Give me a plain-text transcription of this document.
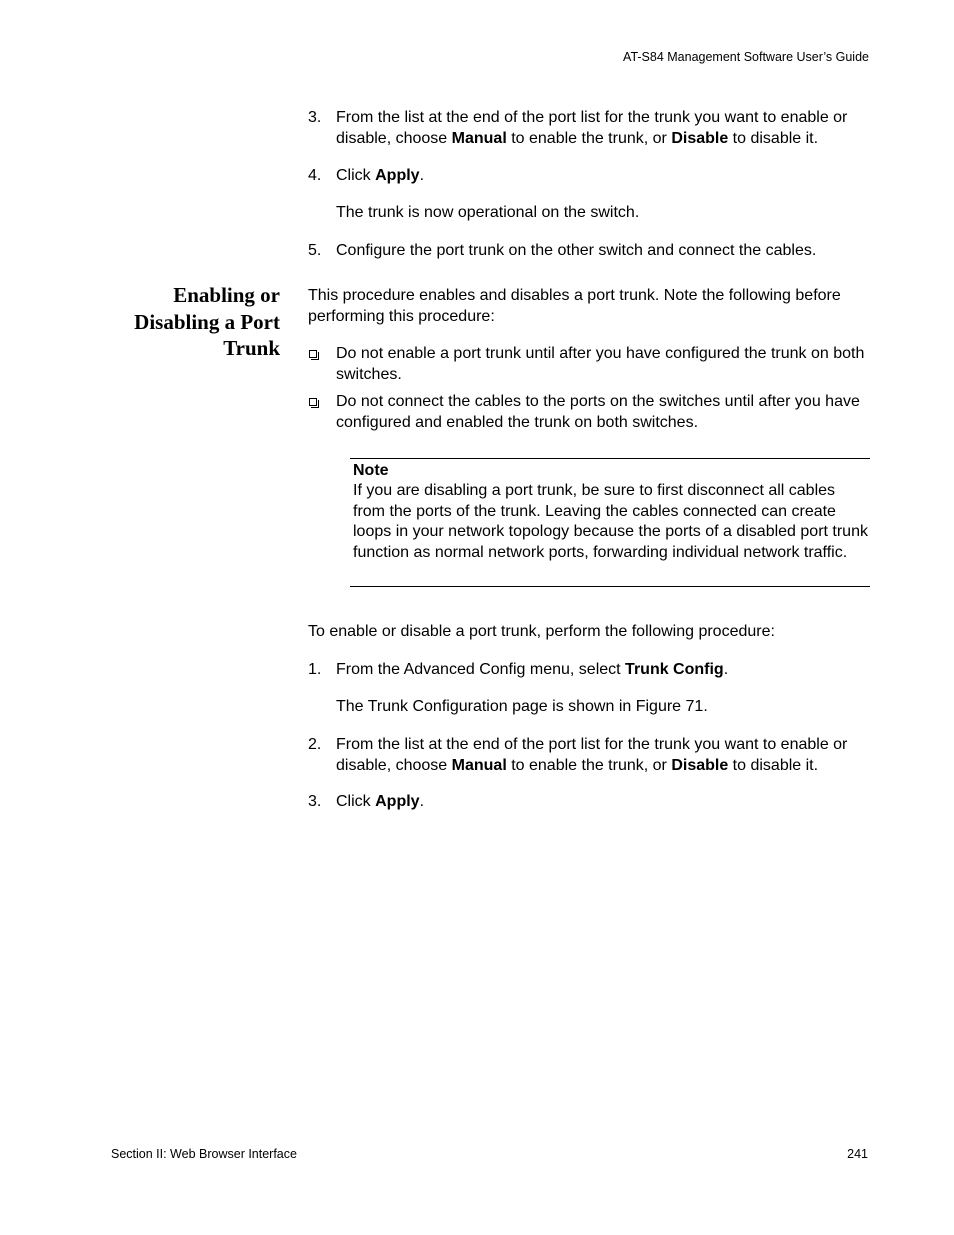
AT-S84 Management Software User’s Guide
3. From the list at the end of the port list for the trunk you want to enable or disable, choose Manual to enable the trunk, or Disable to disable it.

4. Click Apply.

The trunk is now operational on the switch.

5. Configure the port trunk on the other switch and connect the cables.

Enabling or
Disabling a Port
Trunk

This procedure enables and disables a port trunk. Note the following before performing this procedure:

Do not enable a port trunk until after you have configured the trunk on both switches.

Do not connect the cables to the ports on the switches until after you have configured and enabled the trunk on both switches.

Note

If you are disabling a port trunk, be sure to first disconnect all cables from the ports of the trunk. Leaving the cables connected can create loops in your network topology because the ports of a disabled port trunk function as normal network ports, forwarding individual network traffic.

To enable or disable a port trunk, perform the following procedure:

1. From the Advanced Config menu, select Trunk Config.

The Trunk Configuration page is shown in Figure 71.

2. From the list at the end of the port list for the trunk you want to enable or disable, choose Manual to enable the trunk, or Disable to disable it.

3. Click Apply.

Section II: Web Browser Interface	241
